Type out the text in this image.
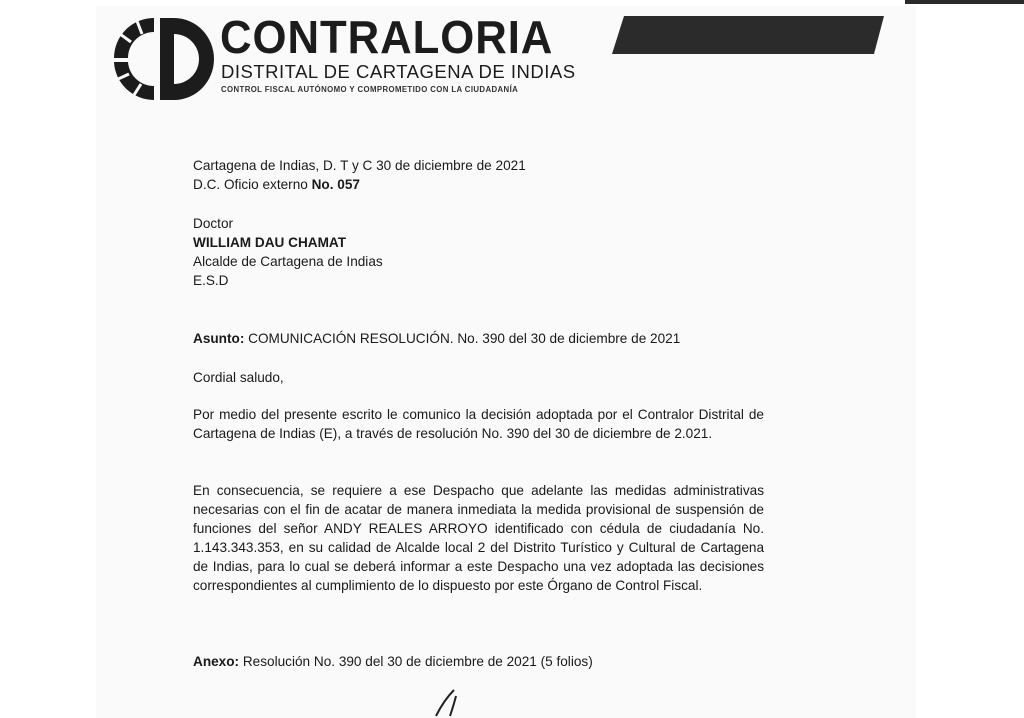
CONTRALORIA
DISTRITAL DE CARTAGENA DE INDIAS
CONTROL FISCAL AUTÓNOMO Y COMPROMETIDO CON LA CIUDADANÍA
Cartagena de Indias, D. T y C 30 de diciembre de 2021
D.C. Oficio externo No. 057
Doctor
WILLIAM DAU CHAMAT
Alcalde de Cartagena de Indias
E.S.D
Asunto: COMUNICACIÓN RESOLUCIÓN. No. 390 del 30 de diciembre de 2021
Cordial saludo,

Por medio del presente escrito le comunico la decisión adoptada por el Contralor Distrital de Cartagena de Indias (E), a través de resolución No. 390 del 30 de diciembre de 2.021.

En consecuencia, se requiere a ese Despacho que adelante las medidas administrativas necesarias con el fin de acatar de manera inmediata la medida provisional de suspensión de funciones del señor ANDY REALES ARROYO identificado con cédula de ciudadanía No. 1.143.343.353, en su calidad de Alcalde local 2 del Distrito Turístico y Cultural de Cartagena de Indias, para lo cual se deberá informar a este Despacho una vez adoptada las decisiones correspondientes al cumplimiento de lo dispuesto por este Órgano de Control Fiscal.

Anexo: Resolución No. 390 del 30 de diciembre de 2021 (5 folios)
